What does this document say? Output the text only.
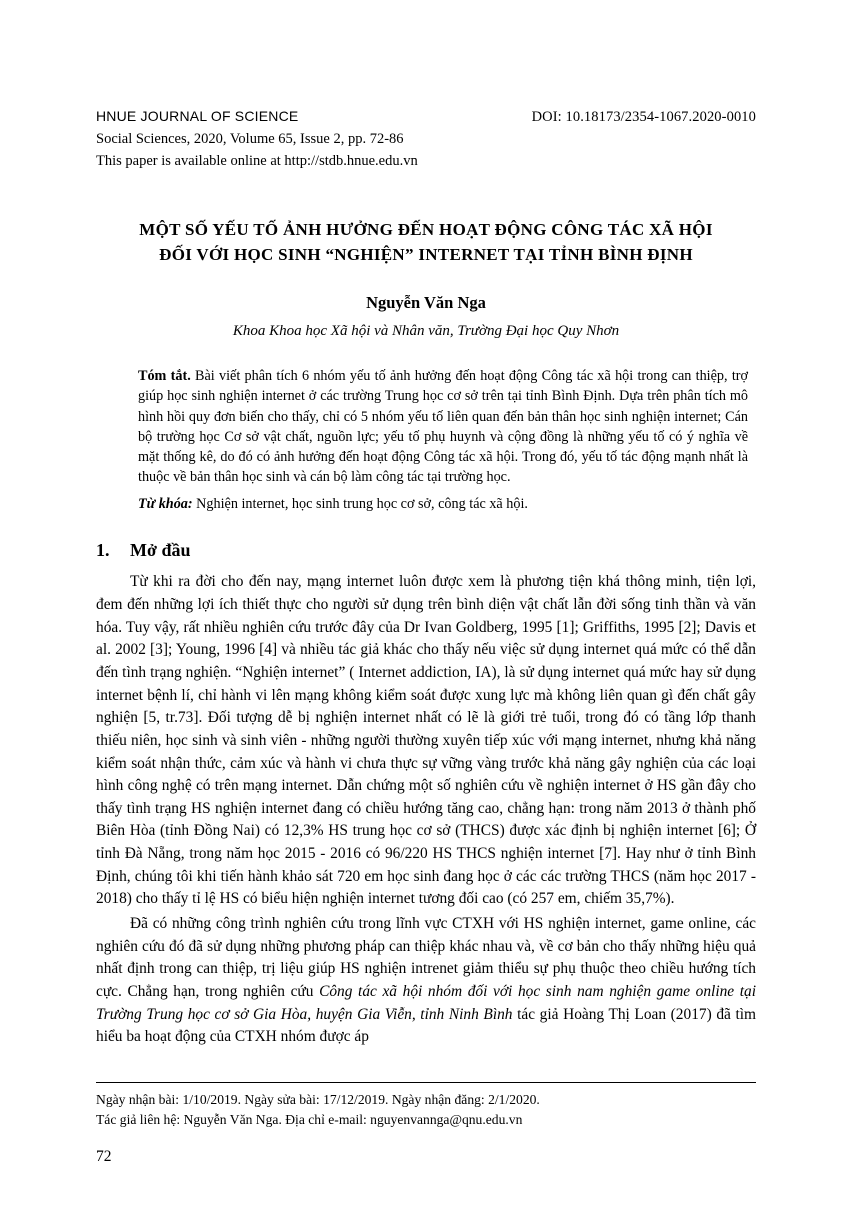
HNUE JOURNAL OF SCIENCE	DOI: 10.18173/2354-1067.2020-0010
Social Sciences, 2020, Volume 65, Issue 2, pp. 72-86
This paper is available online at http://stdb.hnue.edu.vn
MỘT SỐ YẾU TỐ ẢNH HƯỞNG ĐẾN HOẠT ĐỘNG CÔNG TÁC XÃ HỘI
ĐỐI VỚI HỌC SINH “NGHIỆN” INTERNET TẠI TỈNH BÌNH ĐỊNH
Nguyễn Văn Nga
Khoa Khoa học Xã hội và Nhân văn, Trường Đại học Quy Nhơn

Tóm tắt. Bài viết phân tích 6 nhóm yếu tố ảnh hưởng đến hoạt động Công tác xã hội trong can thiệp, trợ giúp học sinh nghiện internet ở các trường Trung học cơ sở trên tại tỉnh Bình Định. Dựa trên phân tích mô hình hồi quy đơn biến cho thấy, chỉ có 5 nhóm yếu tố liên quan đến bản thân học sinh nghiện internet; Cán bộ trường học Cơ sở vật chất, nguồn lực; yếu tố phụ huynh và cộng đồng là những yếu tố có ý nghĩa về mặt thống kê, do đó có ảnh hưởng đến hoạt động Công tác xã hội. Trong đó, yếu tố tác động mạnh nhất là thuộc về bản thân học sinh và cán bộ làm công tác tại trường học.

Từ khóa: Nghiện internet, học sinh trung học cơ sở, công tác xã hội.

1. Mở đầu

Từ khi ra đời cho đến nay, mạng internet luôn được xem là phương tiện khá thông minh, tiện lợi, đem đến những lợi ích thiết thực cho người sử dụng trên bình diện vật chất lẫn đời sống tinh thần và văn hóa. Tuy vậy, rất nhiều nghiên cứu trước đây của Dr Ivan Goldberg, 1995 [1]; Griffiths, 1995 [2]; Davis et al. 2002 [3]; Young, 1996 [4] và nhiều tác giả khác cho thấy nếu việc sử dụng internet quá mức có thể dẫn đến tình trạng nghiện. “Nghiện internet” ( Internet addiction, IA), là sử dụng internet quá mức hay sử dụng internet bệnh lí, chỉ hành vi lên mạng không kiểm soát được xung lực mà không liên quan gì đến chất gây nghiện [5, tr.73]. Đối tượng dễ bị nghiện internet nhất có lẽ là giới trẻ tuổi, trong đó có tầng lớp thanh thiếu niên, học sinh và sinh viên - những người thường xuyên tiếp xúc với mạng internet, nhưng khả năng kiểm soát nhận thức, cảm xúc và hành vi chưa thực sự vững vàng trước khả năng gây nghiện của các loại hình công nghệ có trên mạng internet. Dẫn chứng một số nghiên cứu về nghiện internet ở HS gần đây cho thấy tình trạng HS nghiện internet đang có chiều hướng tăng cao, chẳng hạn: trong năm 2013 ở thành phố Biên Hòa (tỉnh Đồng Nai) có 12,3% HS trung học cơ sở (THCS) được xác định bị nghiện internet [6]; Ở tỉnh Đà Nẵng, trong năm học 2015 - 2016 có 96/220 HS THCS nghiện internet [7]. Hay như ở tỉnh Bình Định, chúng tôi khi tiến hành khảo sát 720 em học sinh đang học ở các các trường THCS (năm học 2017 - 2018) cho thấy tỉ lệ HS có biểu hiện nghiện internet tương đối cao (có 257 em, chiếm 35,7%).

Đã có những công trình nghiên cứu trong lĩnh vực CTXH với HS nghiện internet, game online, các nghiên cứu đó đã sử dụng những phương pháp can thiệp khác nhau và, về cơ bản cho thấy những hiệu quả nhất định trong can thiệp, trị liệu giúp HS nghiện intrenet giảm thiểu sự phụ thuộc theo chiều hướng tích cực. Chẳng hạn, trong nghiên cứu Công tác xã hội nhóm đối với học sinh nam nghiện game online tại Trường Trung học cơ sở Gia Hòa, huyện Gia Viễn, tỉnh Ninh Bình tác giả Hoàng Thị Loan (2017) đã tìm hiểu ba hoạt động của CTXH nhóm được áp

Ngày nhận bài: 1/10/2019. Ngày sửa bài: 17/12/2019. Ngày nhận đăng: 2/1/2020.
Tác giả liên hệ: Nguyễn Văn Nga. Địa chỉ e-mail: nguyenvannga@qnu.edu.vn
72
